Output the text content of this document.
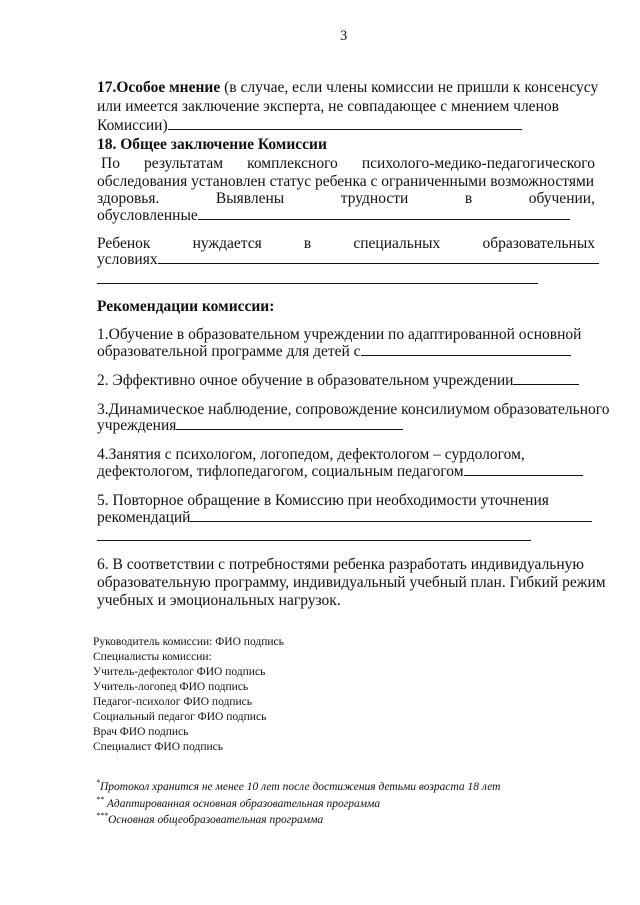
3
17.Особое мнение (в случае, если члены комиссии не пришли к консенсусу
или имеется заключение эксперта, не совпадающее с мнением членов
Комиссии)
18. Общее заключение Комиссии
По результатам комплексного психолого-медико-педагогического
обследования установлен статус ребенка с ограниченными возможностями
здоровья.	Выявлены	трудности	в	обучении,
обусловленные
Ребенок	нуждается	в	специальных	образовательных
условиях
Рекомендации комиссии:
1.Обучение в образовательном учреждении по адаптированной основной
образовательной программе для детей с
2. Эффективно очное обучение в образовательном учреждении
3.Динамическое наблюдение, сопровождение консилиумом образовательного
учреждения
4.Занятия с психологом, логопедом, дефектологом – сурдологом,
дефектологом, тифлопедагогом, социальным педагогом
5. Повторное обращение в Комиссию при необходимости уточнения
рекомендаций
6. В соответствии с потребностями ребенка разработать индивидуальную
образовательную программу, индивидуальный учебный план. Гибкий режим
учебных и эмоциональных нагрузок.
Руководитель комиссии: ФИО подпись
Специалисты комиссии:
Учитель-дефектолог ФИО подпись
Учитель-логопед ФИО подпись
Педагог-психолог ФИО подпись
Социальный педагог ФИО подпись
Врач ФИО подпись
Специалист ФИО подпись
*Протокол хранится не менее 10 лет после достижения детьми возраста 18 лет
** Адаптированная основная образовательная программа
***Основная общеобразовательная программа
